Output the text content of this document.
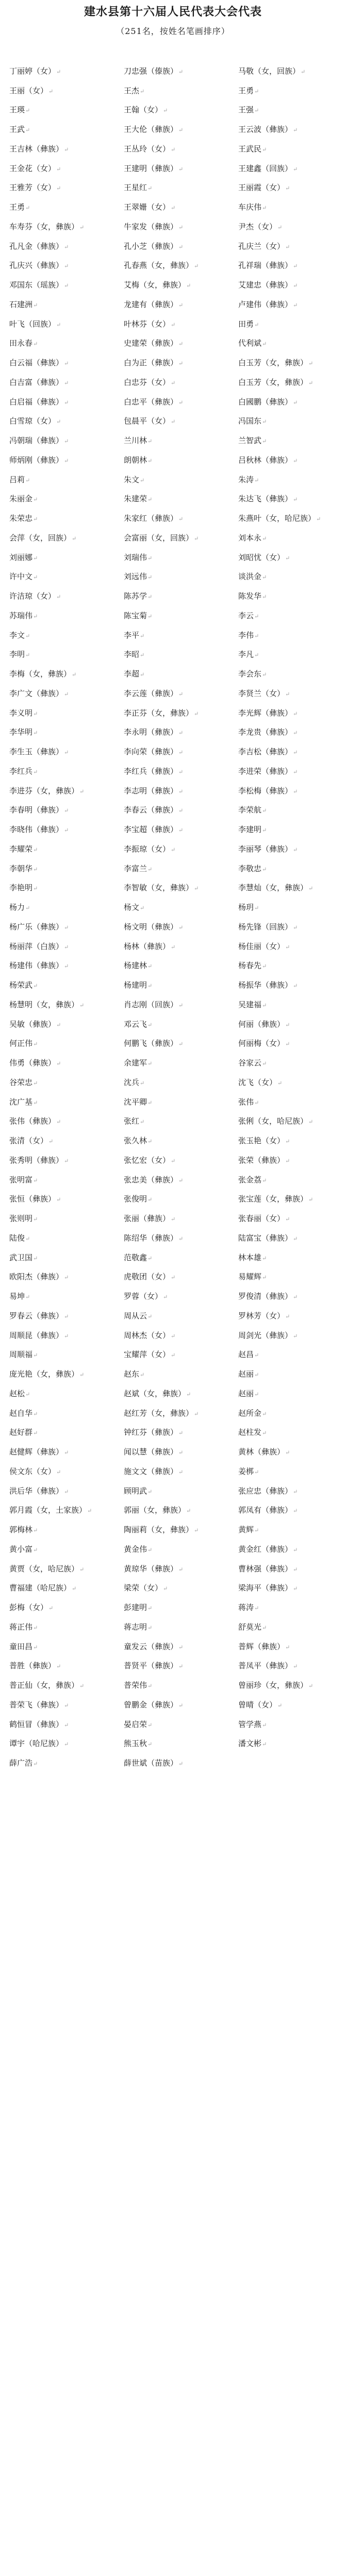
建水县第十六届人民代表大会代表
（251名，按姓名笔画排序）
丁丽婷（女）↵	刀忠强（傣族）↵	马敬（女，回族）↵
王丽（女）↵	王杰↵	王勇↵
王瑛↵	王翰（女）↵	王强↵
王武↵	王大伦（彝族）↵	王云波（彝族）↵
王吉林（彝族）↵	王丛玲（女）↵	王武民↵
王金花（女）↵	王建明（彝族）↵	王建鑫（回族）↵
王雅芳（女）↵	王星红↵	王丽霞（女）↵
王勇↵	王翠姗（女）↵	车庆伟↵
车寿芬（女，彝族）↵	牛家发（彝族）↵	尹杰（女）↵
孔凡金（彝族）↵	孔小芝（彝族）↵	孔庆兰（女）↵
孔庆兴（彝族）↵	孔春燕（女，彝族）↵	孔祥瑞（彝族）↵
邓国东（瑶族）↵	艾梅（女，彝族）↵	艾建忠（彝族）↵
石建洲↵	龙建有（彝族）↵	卢建伟（彝族）↵
叶飞（回族）↵	叶林芬（女）↵	田勇↵
田永春↵	史建荣（彝族）↵	代利斌↵
白云福（彝族）↵	白为正（彝族）↵	白玉芳（女，彝族）↵
白吉富（彝族）↵	白忠芬（女）↵	白玉芳（女，彝族）↵
白启福（彝族）↵	白忠平（彝族）↵	白國鹏（彝族）↵
白雪琼（女）↵	包晨平（女）↵	冯国东↵
冯朝瑞（彝族）↵	兰川林↵	兰智武↵
师炳刚（彝族）↵	朗朝林↵	吕秋林（彝族）↵
吕莉↵	朱文↵	朱涛↵
朱丽金↵	朱建荣↵	朱达飞（彝族）↵
朱荣忠↵	朱家红（彝族）↵	朱燕叶（女，哈尼族）↵
会萍（女，回族）↵	会富丽（女，回族）↵	刘本永↵
刘丽娜↵	刘瑞伟↵	刘昭忧（女）↵
许中文↵	刘远伟↵	谈洪金↵
许洁琼（女）↵	陈苏学↵	陈发华↵
苏瑞伟↵	陈宝菊↵	李云↵
李文↵	李平↵	李伟↵
李明↵	李昭↵	李凡↵
李梅（女，彝族）↵	李超↵	李会东↵
李广文（彝族）↵	李云莲（彝族）↵	李贤兰（女）↵
李义明↵	李正芬（女，彝族）↵	李光辉（彝族）↵
李华明↵	李永明（彝族）↵	李龙贵（彝族）↵
李生玉（彝族）↵	李向荣（彝族）↵	李吉松（彝族）↵
李红兵↵	李红兵（彝族）↵	李进荣（彝族）↵
李进芬（女，彝族）↵	李志明（彝族）↵	李松梅（彝族）↵
李春明（彝族）↵	李春云（彝族）↵	李荣航↵
李晓伟（彝族）↵	李宝超（彝族）↵	李建明↵
李耀荣↵	李振琼（女）↵	李丽琴（彝族）↵
李朝华↵	李富兰↵	李敬忠↵
李艳明↵	李智敏（女，彝族）↵	李慧灿（女，彝族）↵
杨力↵	杨文↵	杨玥↵
杨广乐（彝族）↵	杨文明（彝族）↵	杨先锋（回族）↵
杨丽萍（白族）↵	杨林（彝族）↵	杨佳丽（女）↵
杨建伟（彝族）↵	杨建林↵	杨春先↵
杨荣武↵	杨建明↵	杨振华（彝族）↵
杨慧明（女，彝族）↵	肖志刚（回族）↵	吴建福↵
吴敏（彝族）↵	邓云飞↵	何丽（彝族）↵
何正伟↵	何鹏飞（彝族）↵	何丽梅（女）↵
伟勇（彝族）↵	余建军↵	谷家云↵
谷荣忠↵	沈兵↵	沈飞（女）↵
沈广基↵	沈平卿↵	张伟↵
张伟（彝族）↵	张红↵	张俐（女，哈尼族）↵
张清（女）↵	张久林↵	张玉艳（女）↵
张秀明（彝族）↵	张忆宏（女）↵	张荣（彝族）↵
张明富↵	张忠美（彝族）↵	张金荔↵
张恒（彝族）↵	张俊明↵	张宝莲（女，彝族）↵
张则明↵	张丽（彝族）↵	张春丽（女）↵
陆俊↵	陈绍华（彝族）↵	陆富宝（彝族）↵
武卫国↵	范敬鑫↵	林本雄↵
欧阳杰（彝族）↵	虎敬团（女）↵	易耀辉↵
易坤↵	罗蓉（女）↵	罗俊清（彝族）↵
罗春云（彝族）↵	周从云↵	罗林芳（女）↵
周顺昆（彝族）↵	周林杰（女）↵	周剑光（彝族）↵
周顺福↵	宝耀萍（女）↵	赵昌↵
庞光艳（女，彝族）↵	赵东↵	赵丽↵
赵松↵	赵斌（女，彝族）↵	赵丽↵
赵自华↵	赵红芳（女，彝族）↵	赵所金↵
赵好群↵	钟红芬（彝族）↵	赵柱发↵
赵健辉（彝族）↵	闻以慧（彝族）↵	黄林（彝族）↵
侯文东（女）↵	施文文（彝族）↵	姜梆↵
洪后华（彝族）↵	顾明武↵	张应忠（彝族）↵
郭月霞（女，土家族）↵	郭丽（女，彝族）↵	郭凤有（彝族）↵
郭梅林↵	陶丽莉（女，彝族）↵	黄辉↵
黄小富↵	黄金伟↵	黄金红（彝族）↵
黄贾（女，哈尼族）↵	黄琼华（彝族）↵	曹林强（彝族）↵
曹福建（哈尼族）↵	梁荣（女）↵	梁海平（彝族）↵
彭梅（女）↵	彭建明↵	蒋涛↵
蒋正伟↵	蒋志明↵	舒莫光↵
童田昌↵	童发云（彝族）↵	普辉（彝族）↵
普胜（彝族）↵	普贤平（彝族）↵	普凤平（彝族）↵
普正仙（女，彝族）↵	普荣伟↵	曾丽珍（女，彝族）↵
普荣飞（彝族）↵	曾鹏金（彝族）↵	曾晴（女）↵
鹤恒冒（彝族）↵	晏启荣↵	管学燕↵
谭宇（哈尼族）↵	熊玉秋↵	潘文彬↵
薛广浩↵	薛世斌（苗族）↵
